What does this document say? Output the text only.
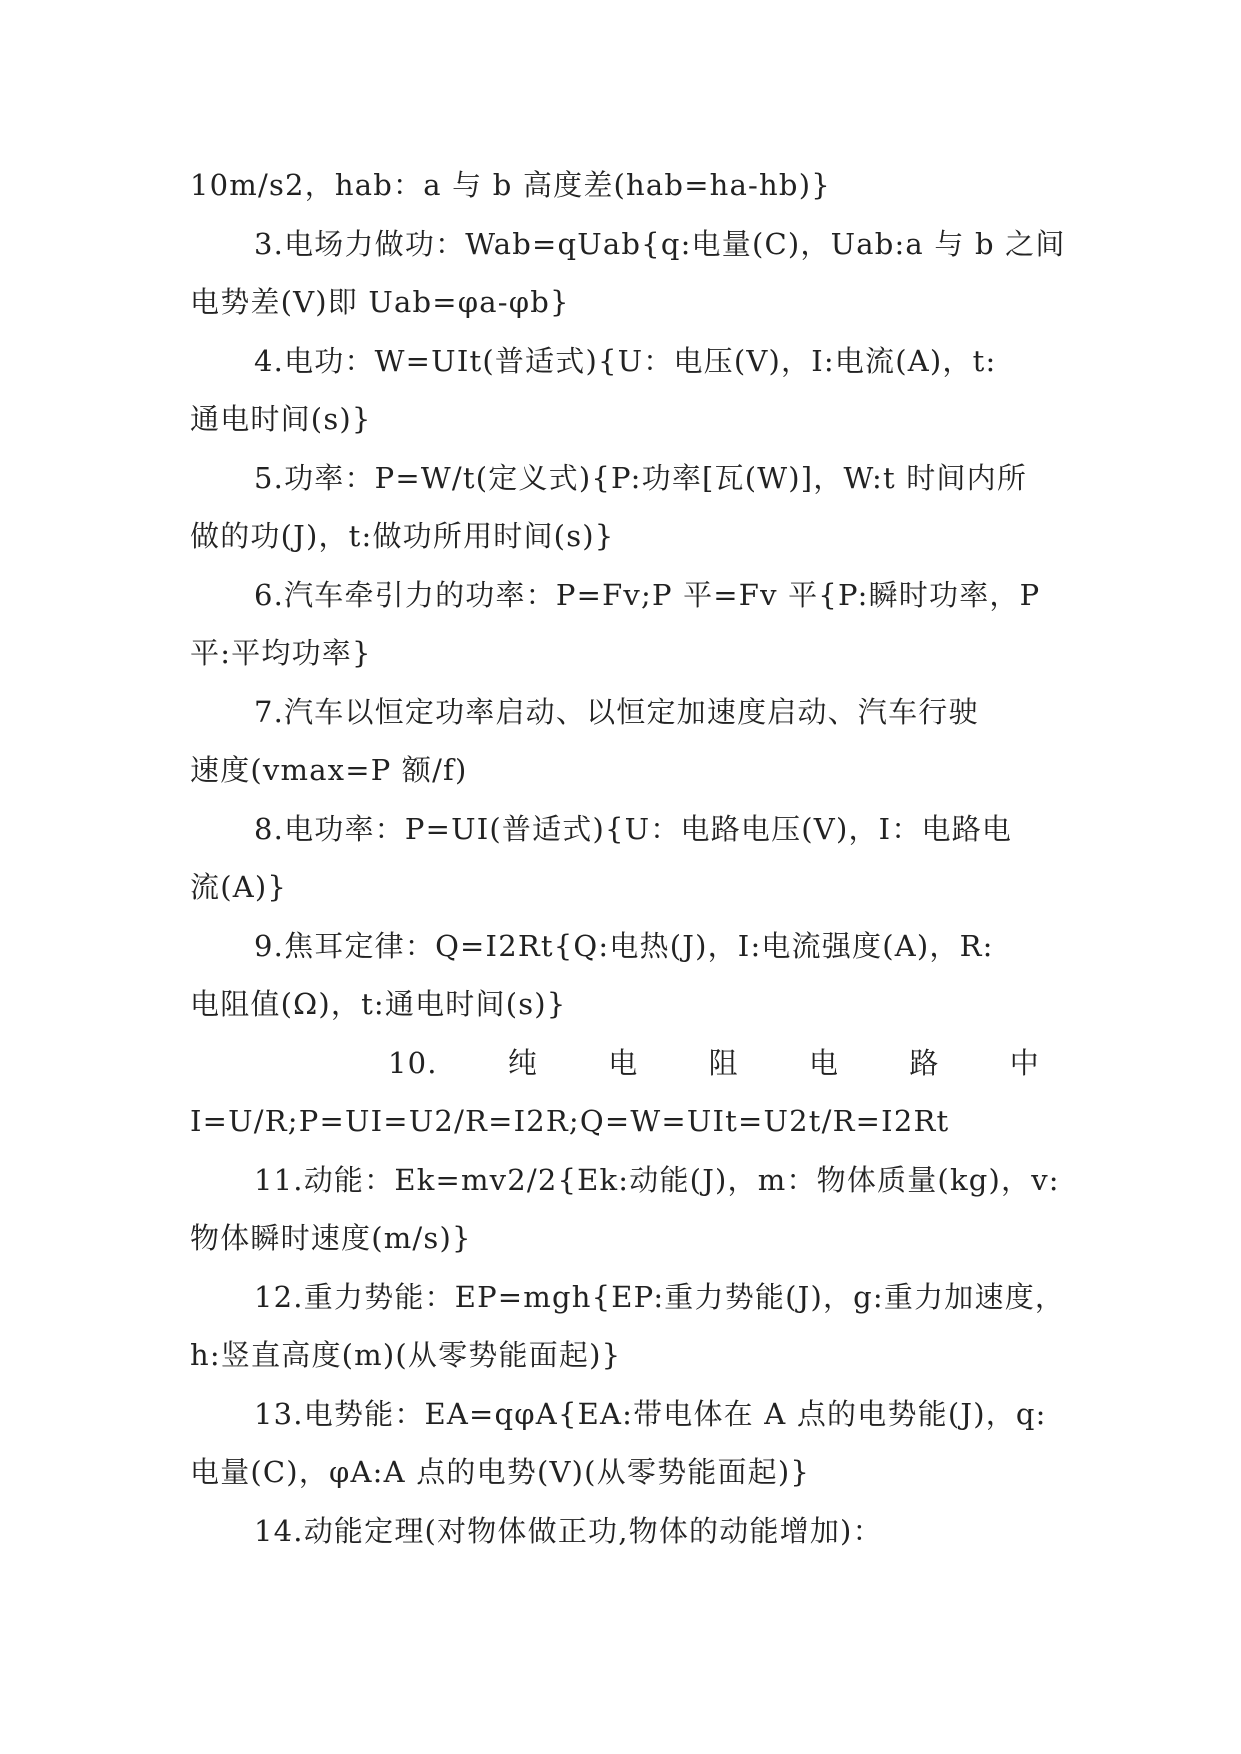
10m/s2，hab：a 与 b 高度差(hab=ha-hb)}
3.电场力做功：Wab=qUab{q:电量(C)，Uab:a 与 b 之间
电势差(V)即 Uab=φa-φb}
4.电功：W=UIt(普适式){U：电压(V)，I:电流(A)，t:
通电时间(s)}
5.功率：P=W/t(定义式){P:功率[瓦(W)]，W:t 时间内所
做的功(J)，t:做功所用时间(s)}
6.汽车牵引力的功率：P=Fv;P 平=Fv 平{P:瞬时功率，P
平:平均功率}
7.汽车以恒定功率启动、以恒定加速度启动、汽车行驶
速度(vmax=P 额/f)
8.电功率：P=UI(普适式){U：电路电压(V)，I：电路电
流(A)}
9.焦耳定律：Q=I2Rt{Q:电热(J)，I:电流强度(A)，R:
电阻值(Ω)，t:通电时间(s)}
10. 纯 电 阻 电 路 中
I=U/R;P=UI=U2/R=I2R;Q=W=UIt=U2t/R=I2Rt
11.动能：Ek=mv2/2{Ek:动能(J)，m：物体质量(kg)，v:
物体瞬时速度(m/s)}
12.重力势能：EP=mgh{EP:重力势能(J)，g:重力加速度，
h:竖直高度(m)(从零势能面起)}
13.电势能：EA=qφA{EA:带电体在 A 点的电势能(J)，q:
电量(C)，φA:A 点的电势(V)(从零势能面起)}
14.动能定理(对物体做正功,物体的动能增加)：
